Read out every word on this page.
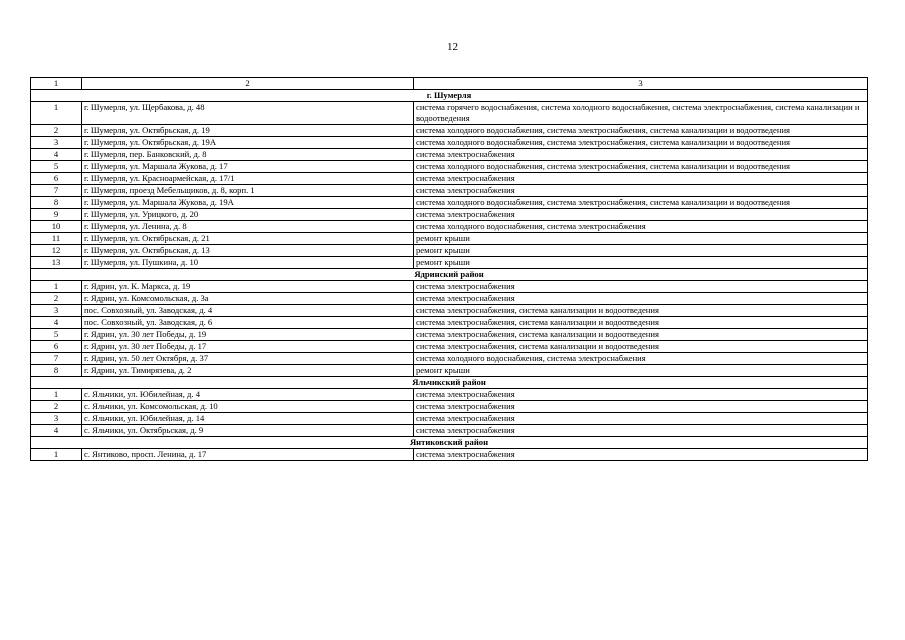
12
1	2	3
г. Шумерля		
1	г. Шумерля, ул. Щербакова, д. 48	система горячего водоснабжения, система холодного водоснабжения, система электроснабжения, система канализации и водоотведения
2	г. Шумерля, ул. Октябрьская, д. 19	система холодного водоснабжения, система электроснабжения, система канализации и водоотведения
3	г. Шумерля, ул. Октябрьская, д. 19А	система холодного водоснабжения, система электроснабжения, система канализации и водоотведения
4	г. Шумерля, пер. Банковский, д. 8	система электроснабжения
5	г. Шумерля, ул. Маршала Жукова, д. 17	система холодного водоснабжения, система электроснабжения, система канализации и водоотведения
6	г. Шумерля, ул. Красноармейская, д. 17/1	система электроснабжения
7	г. Шумерля, проезд Мебельщиков, д. 8, корп. 1	система электроснабжения
8	г. Шумерля, ул. Маршала Жукова, д. 19А	система холодного водоснабжения, система электроснабжения, система канализации и водоотведения
9	г. Шумерля, ул. Урицкого, д. 20	система электроснабжения
10	г. Шумерля, ул. Ленина, д. 8	система холодного водоснабжения, система электроснабжения
11	г. Шумерля, ул. Октябрьская, д. 21	ремонт крыши
12	г. Шумерля, ул. Октябрьская, д. 13	ремонт крыши
13	г. Шумерля, ул. Пушкина, д. 10	ремонт крыши
Ядринский район		
1	г. Ядрин, ул. К. Маркса, д. 19	система электроснабжения
2	г. Ядрин, ул. Комсомольская, д. 3а	система электроснабжения
3	пос. Совхозный, ул. Заводская, д. 4	система электроснабжения, система канализации и водоотведения
4	пос. Совхозный, ул. Заводская, д. 6	система электроснабжения, система канализации и водоотведения
5	г. Ядрин, ул. 30 лет Победы, д. 19	система электроснабжения, система канализации и водоотведения
6	г. Ядрин, ул. 30 лет Победы, д. 17	система электроснабжения, система канализации и водоотведения
7	г. Ядрин, ул. 50 лет Октября, д. 37	система холодного водоснабжения, система электроснабжения
8	г. Ядрин, ул. Тимирязева, д. 2	ремонт крыши
Яльчикский район		
1	с. Яльчики, ул. Юбилейная, д. 4	система электроснабжения
2	с. Яльчики, ул. Комсомольская, д. 10	система электроснабжения
3	с. Яльчики, ул. Юбилейная, д. 14	система электроснабжения
4	с. Яльчики, ул. Октябрьская, д. 9	система электроснабжения
Янтиковский район		
1	с. Янтиково, просп. Ленина, д. 17	система электроснабжения
